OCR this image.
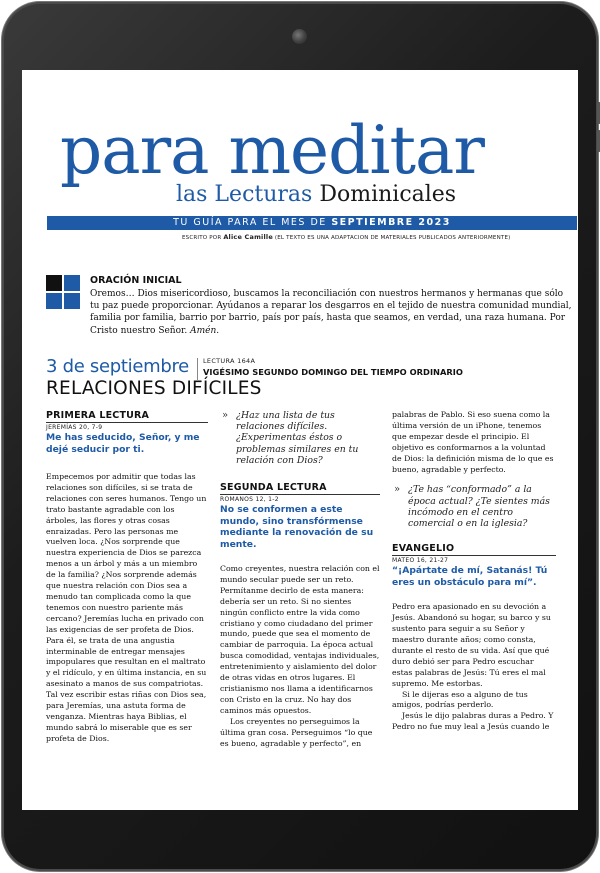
para meditar
las Lecturas Dominicales
TU GUÍA PARA EL MES DE SEPTIEMBRE 2023
ESCRITO POR Alice Camille (EL TEXTO ES UNA ADAPTACION DE MATERIALES PUBLICADOS ANTERIORMENTE)
ORACIÓN INICIAL
Oremos… Dios misericordioso, buscamos la reconciliación con nuestros hermanos y hermanas que sólo tu paz puede proporcionar. Ayúdanos a reparar los desgarros en el tejido de nuestra comunidad mundial, familia por familia, barrio por barrio, país por país, hasta que seamos, en verdad, una raza humana. Por Cristo nuestro Señor. Amén.
3 de septiembre LECTURA 164A
VIGÉSIMO SEGUNDO DOMINGO DEL TIEMPO ORDINARIO
RELACIONES DIFÍCILES
PRIMERA LECTURA
JEREMÍAS 20, 7-9
Me has seducido, Señor, y me dejé seducir por ti.

Empecemos por admitir que todas las relaciones son difíciles, si se trata de relaciones con seres humanos. Tengo un trato bastante agradable con los árboles, las flores y otras cosas enraizadas. Pero las personas me vuelven loca. ¿Nos sorprende que nuestra experiencia de Dios se parezca menos a un árbol y más a un miembro de la familia? ¿Nos sorprende además que nuestra relación con Dios sea a menudo tan complicada como la que tenemos con nuestro pariente más cercano? Jeremías lucha en privado con las exigencias de ser profeta de Dios. Para él, se trata de una angustia interminable de entregar mensajes impopulares que resultan en el maltrato y el ridículo, y en última instancia, en su asesinato a manos de sus compatriotas. Tal vez escribir estas riñas con Dios sea, para Jeremías, una astuta forma de venganza. Mientras haya Biblias, el mundo sabrá lo miserable que es ser profeta de Dios.

» ¿Haz una lista de tus relaciones difíciles. ¿Experimentas éstos o problemas similares en tu relación con Dios?
SEGUNDA LECTURA
ROMANOS 12, 1-2
No se conformen a este mundo, sino transfórmense mediante la renovación de su mente.

Como creyentes, nuestra relación con el mundo secular puede ser un reto. Permítanme decirlo de esta manera: debería ser un reto. Si no sientes ningún conflicto entre la vida como cristiano y como ciudadano del primer mundo, puede que sea el momento de cambiar de parroquia. La época actual busca comodidad, ventajas individuales, entretenimiento y aislamiento del dolor de otras vidas en otros lugares. El cristianismo nos llama a identificarnos con Cristo en la cruz. No hay dos caminos más opuestos.

Los creyentes no perseguimos la última gran cosa. Perseguimos “lo que es bueno, agradable y perfecto”, en

palabras de Pablo. Si eso suena como la última versión de un iPhone, tenemos que empezar desde el principio. El objetivo es conformarnos a la voluntad de Dios: la definición misma de lo que es bueno, agradable y perfecto.

» ¿Te has “conformado” a la época actual? ¿Te sientes más incómodo en el centro comercial o en la iglesia?
EVANGELIO
MATEO 16, 21-27
“¡Apártate de mí, Satanás! Tú eres un obstáculo para mí”.

Pedro era apasionado en su devoción a Jesús. Abandonó su hogar, su barco y su sustento para seguir a su Señor y maestro durante años; como consta, durante el resto de su vida. Así que qué duro debió ser para Pedro escuchar estas palabras de Jesús: Tú eres el mal supremo. Me estorbas.

Si le dijeras eso a alguno de tus amigos, podrías perderlo.

Jesús le dijo palabras duras a Pedro. Y Pedro no fue muy leal a Jesús cuando le
